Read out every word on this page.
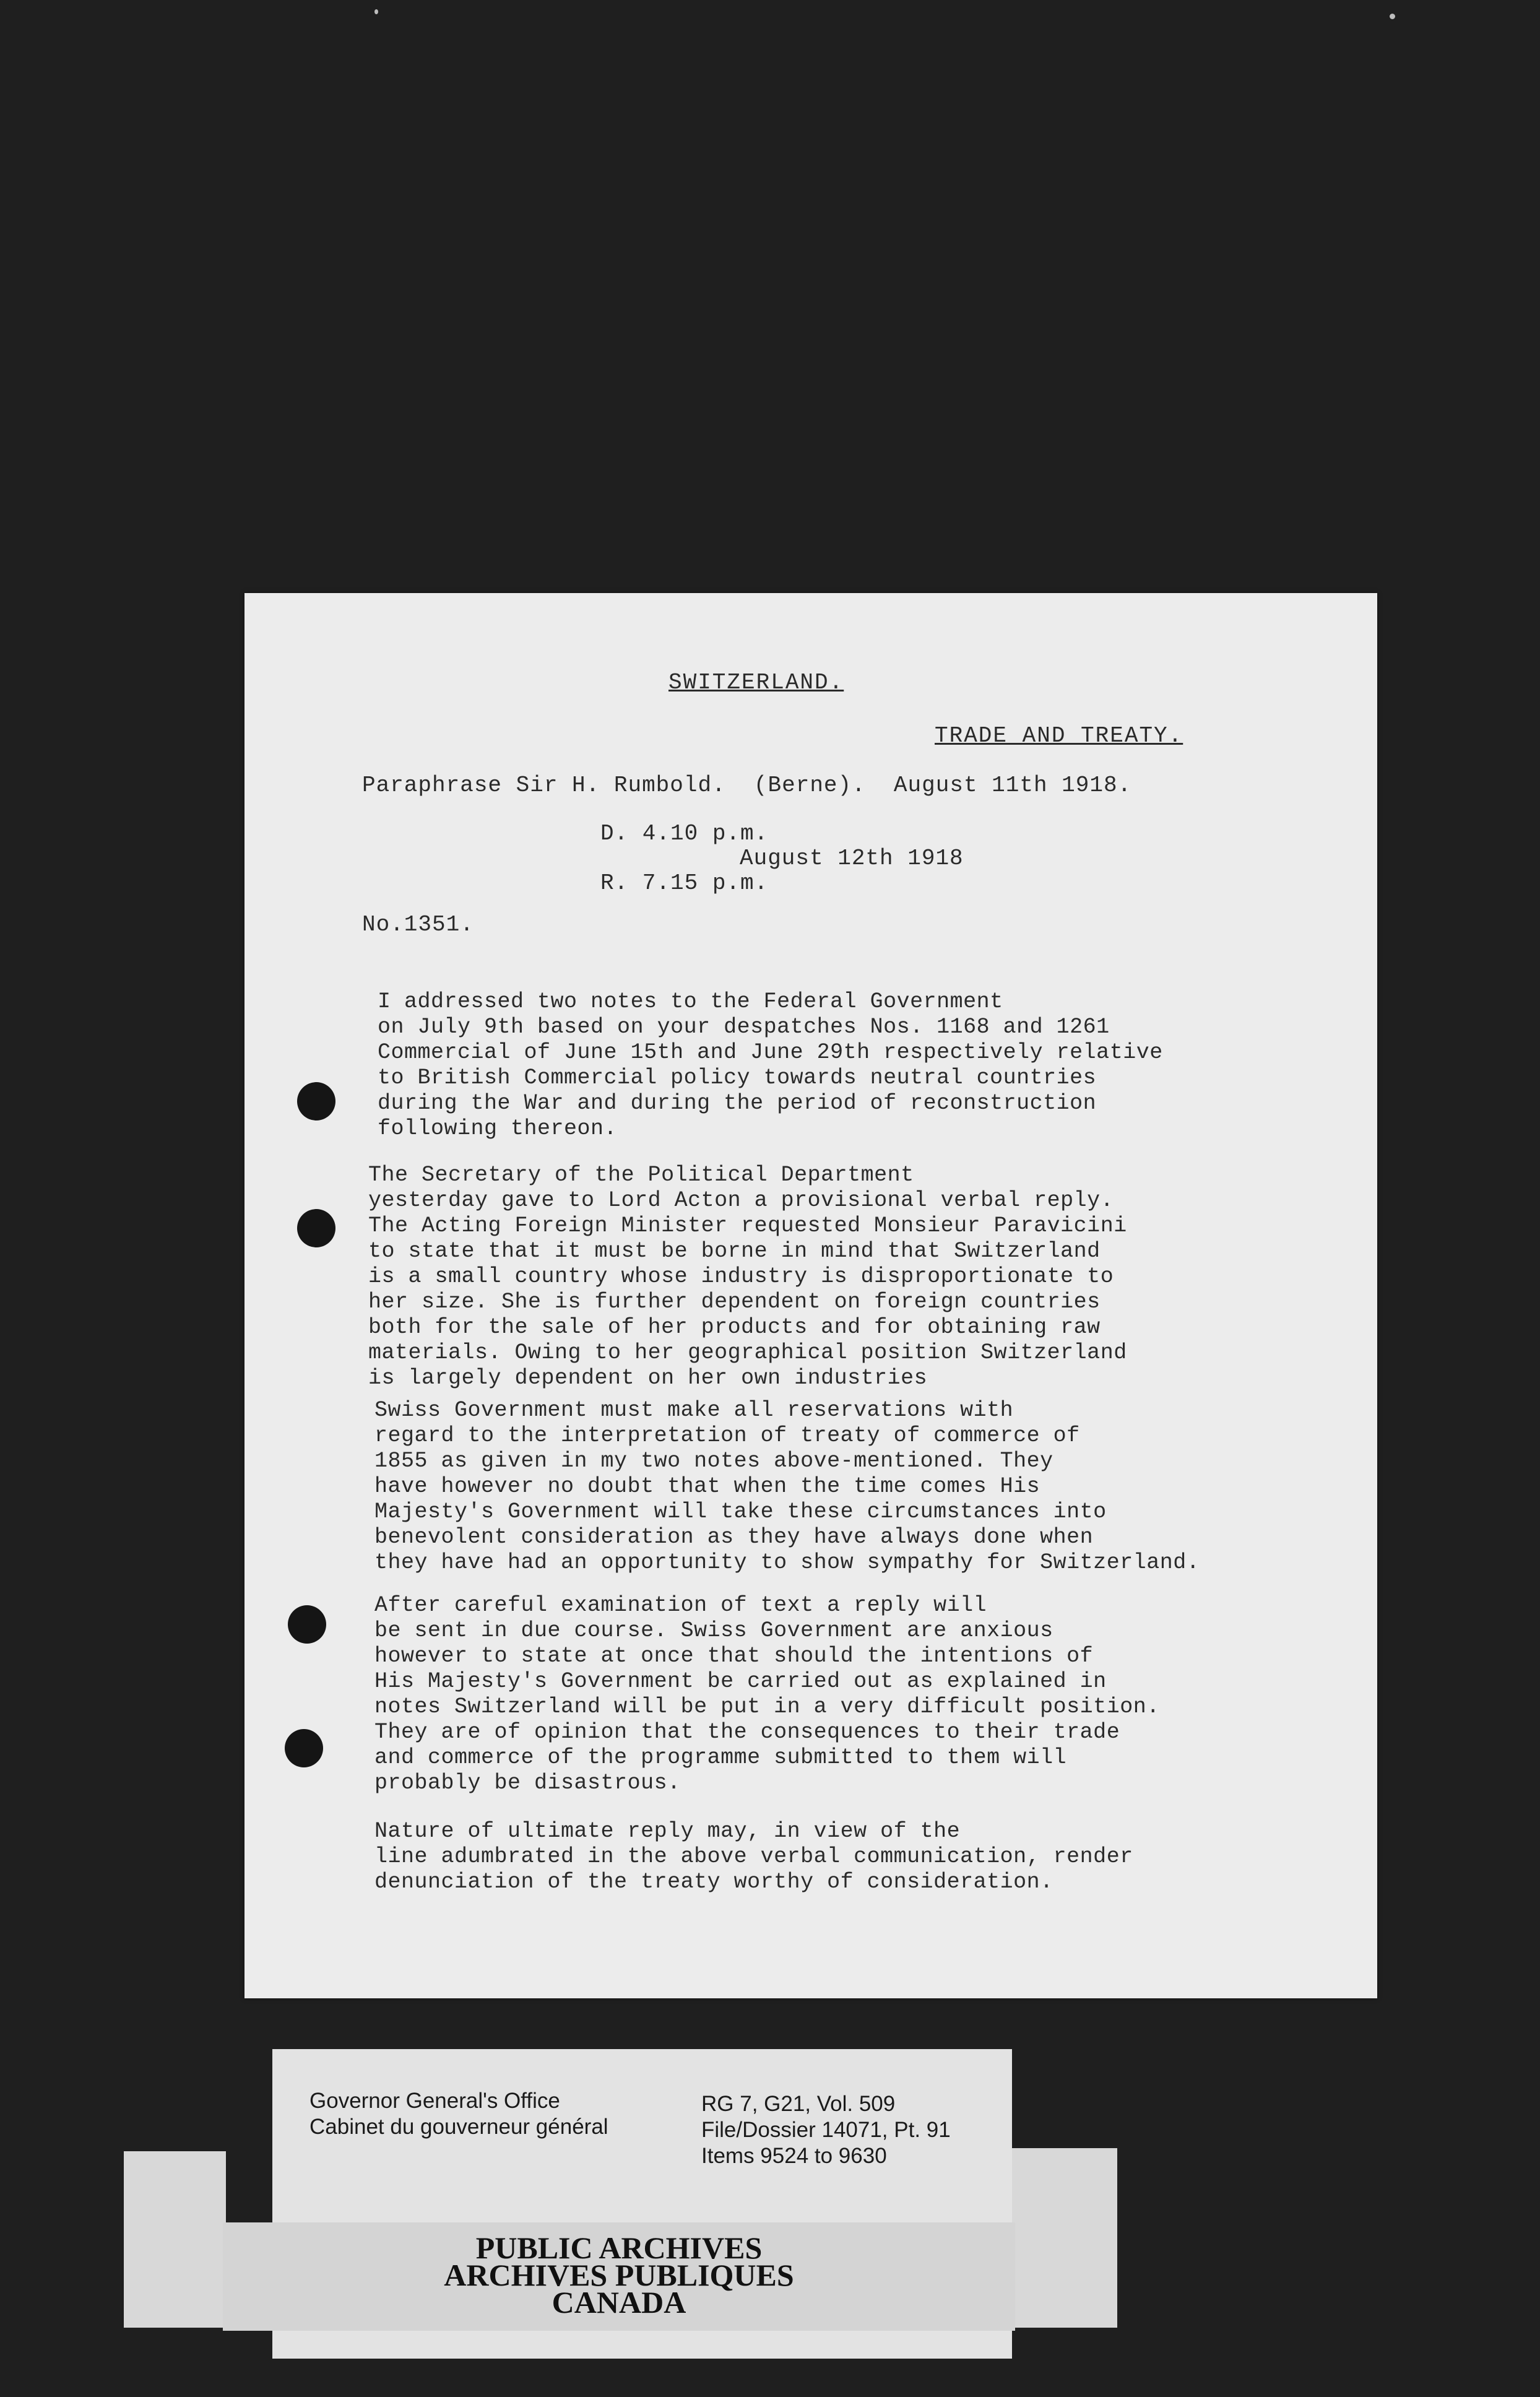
SWITZERLAND.
TRADE AND TREATY.
Paraphrase Sir H. Rumbold.  (Berne).  August 11th 1918.
D. 4.10 p.m.
August 12th 1918
R. 7.15 p.m.
No.1351.
I addressed two notes to the Federal Government
on July 9th based on your despatches Nos. 1168 and 1261
Commercial of June 15th and June 29th respectively relative
to British Commercial policy towards neutral countries
during the War and during the period of reconstruction
following thereon.
The Secretary of the Political Department
yesterday gave to Lord Acton a provisional verbal reply.
The Acting Foreign Minister requested Monsieur Paravicini
to state that it must be borne in mind that Switzerland
is a small country whose industry is disproportionate to
her size. She is further dependent on foreign countries
both for the sale of her products and for obtaining raw
materials. Owing to her geographical position Switzerland
is largely dependent on her own industries
Swiss Government must make all reservations with
regard to the interpretation of treaty of commerce of
1855 as given in my two notes above-mentioned. They
have however no doubt that when the time comes His
Majesty's Government will take these circumstances into
benevolent consideration as they have always done when
they have had an opportunity to show sympathy for Switzerland.
After careful examination of text a reply will
be sent in due course. Swiss Government are anxious
however to state at once that should the intentions of
His Majesty's Government be carried out as explained in
notes Switzerland will be put in a very difficult position.
They are of opinion that the consequences to their trade
and commerce of the programme submitted to them will
probably be disastrous.
Nature of ultimate reply may, in view of the
line adumbrated in the above verbal communication, render
denunciation of the treaty worthy of consideration.
Governor General's Office
Cabinet du gouverneur général
RG 7, G21, Vol. 509
File/Dossier 14071, Pt. 91
Items 9524 to 9630
PUBLIC ARCHIVES
ARCHIVES PUBLIQUES
CANADA
